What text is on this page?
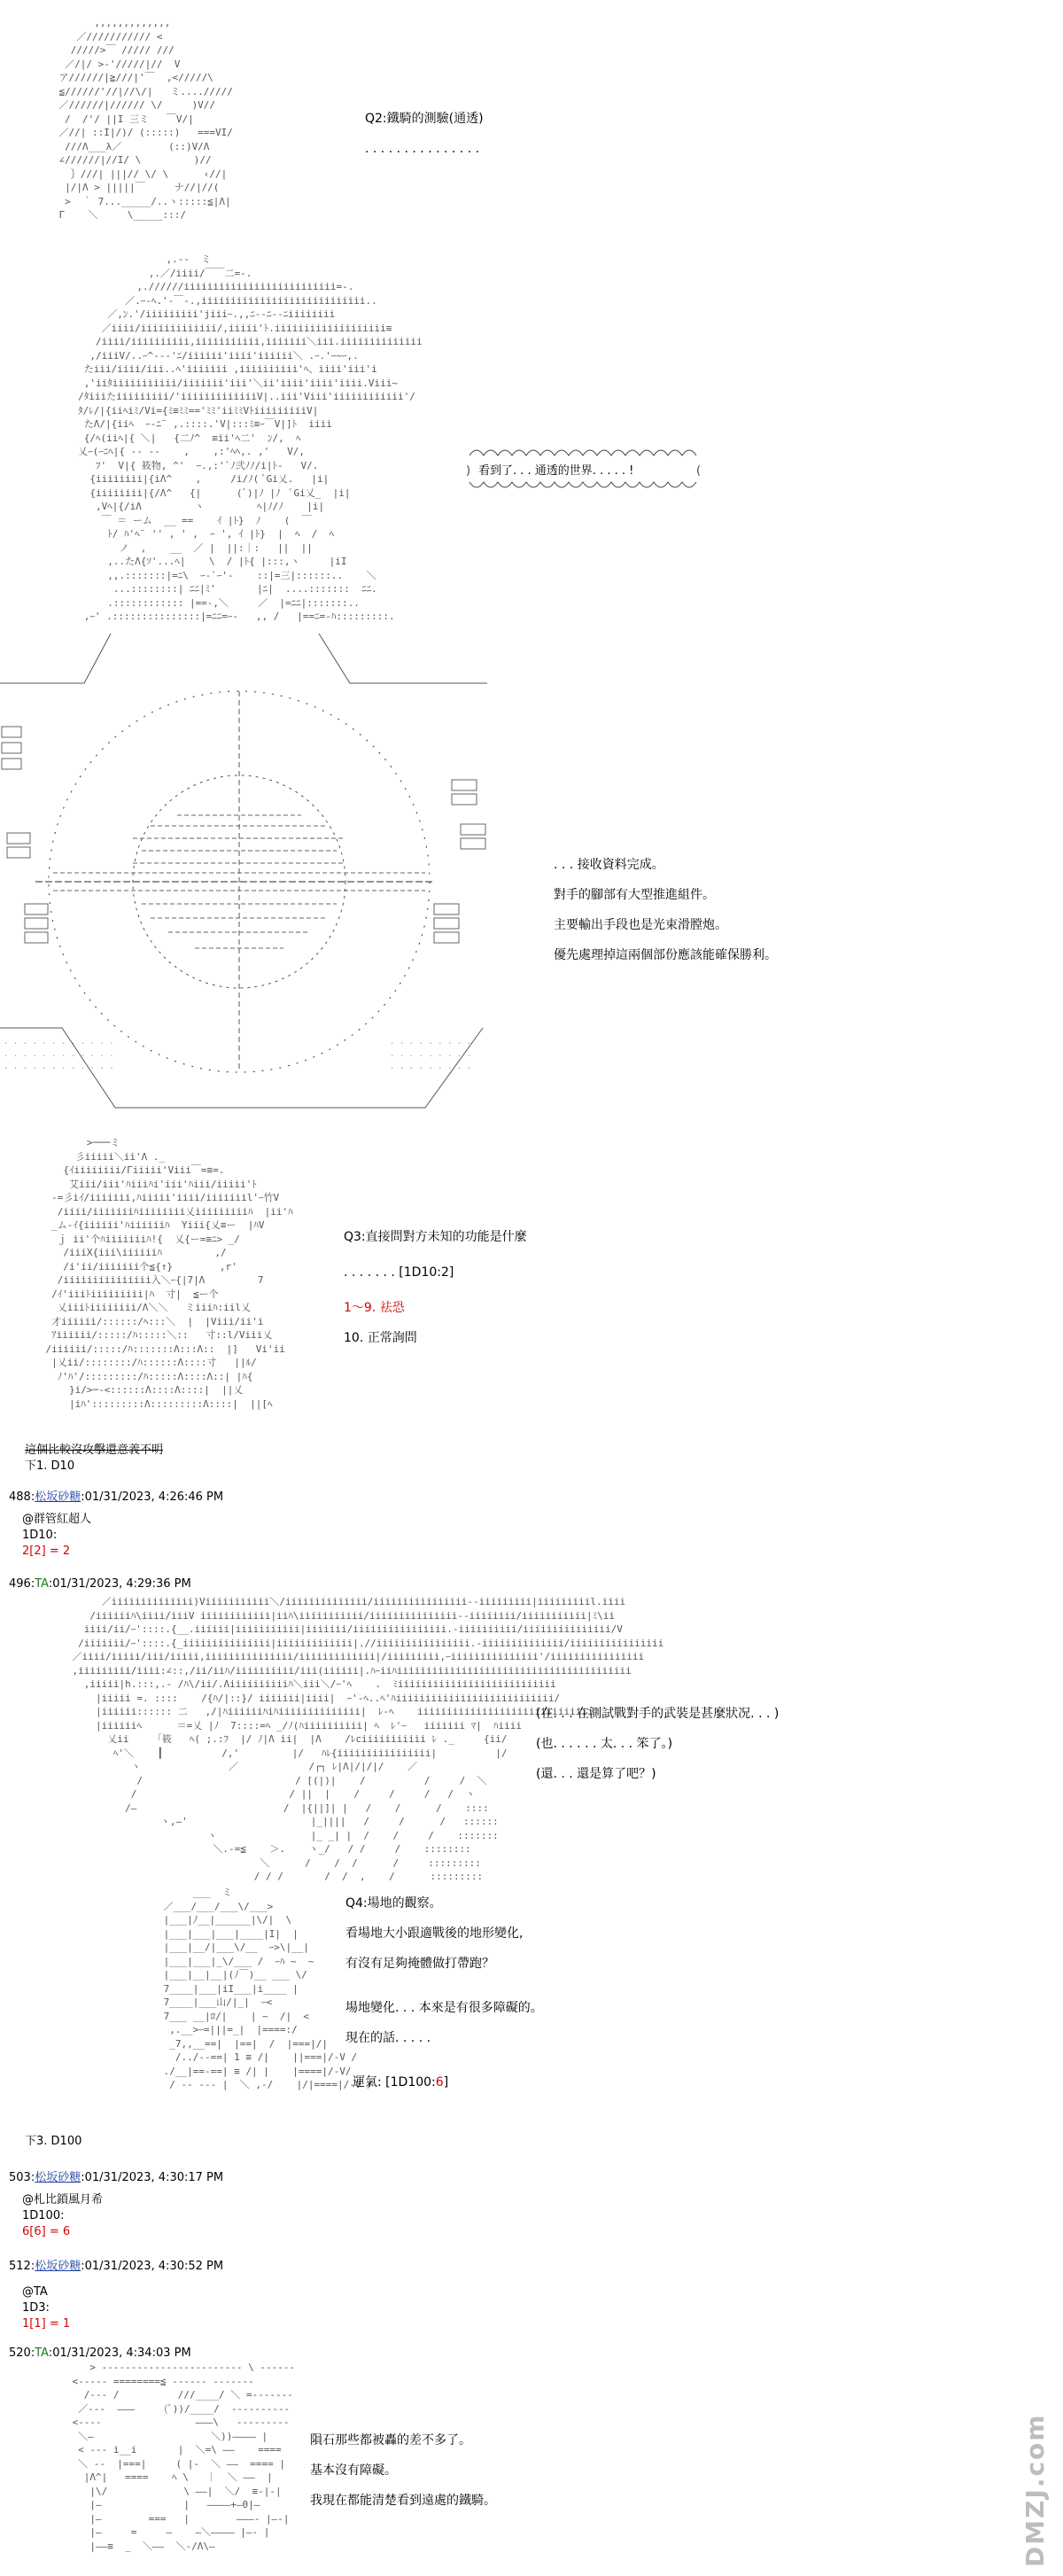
,,,,,,,,,,,,,
／/////////// <
/////>￣ ///// ///
／/|/ >-'/////|//  V
ア//////|≧///|'￣  ,</////\
≦//////'//|//\/|   ミ..../////
／//////|////// \/     )V//
/  /'/ ||I 三ミ   ￣V/|
／//| ::I|/)/ (:::::)   ===VI/
///Λ___λ／        (::)V/Λ
∠//////|//I/ \         )//
｝///| |||// \/ \      ‹//|
|/|Λ > |||||￣     ナ//|//(
>  ｀ 7..._____/..ヽ:::::≦|Λ|
Γ    ＼     \_____:::/
Q2:鐵騎的測驗(通透)
. . . . . . . . . . . . . . .
,.--  ミ
,.／/iiii/￣￣二=-.
,.//////iiiiiiiiiiiiiiiiiiiiiiiiii=-.
／.ｰ-ﾍ.'-￣‐.,iiiiiiiiiiiiiiiiiiiiiiiiiiii..
／,ﾝ.'/iiiiiiiii'jiiiｰ.,,ﾆ--ﾆ--ﾆiiiiiiii
／iiii/iiiiiiiiiiiii/,iiiii'ﾄ.iiiiiiiiiiiiiiiiiii≡
/iiii/iiiiiiiiii,iiiiiiiiiii,iiiiiii＼iii.iiiiiiiiiiiiii
,/iiiV/..ｰ^‐‐-'ﾆ/iiiiii'iiii'iiiiii＼ .ｰ.'ｰ~ｰ,.
たiii/iiii/iii..ﾍ'iiiiiii ,iiiiiiiiii'ﾍ、iiii'iii'i
,'iiﾀiiiiiiiiiii/iiiiiii'iii'＼ii'iiii'iiii'iiii.Viii~
/ﾀiiiたiiiiiiiii/'iiiiiiiiiiiiiV|..iii'Viii'iiiiiiiiiiii'/
ﾀ/ﾚ/|{iiﾍiﾐ/Vi={ﾐ≡ﾐﾐ=='ﾐﾐ'iiﾐﾐVﾄiiiiiiiiiV|
たΛ/|{iiﾍ  ｰ‐ﾆ¨ ,.::::.'V|:::ﾐ≡ｰ￣V|]ﾄ  iiii
{/ﾍ(iiﾍ|{ ＼|   {二ﾉ^  ≡ii'ﾍ二'  ﾝ/,  ﾍ
乂ｰ(ｰﾆﾍ|{ -- --    ,    ,:'ﾍﾍ,. ,'   V/,
ﾌ'  V|{ 筱物, ^'  ｰ.,:'`ﾉ弐ﾉﾉ/i|ﾄ‐   V/.
{iiiiiiii|{iΛ^    ,     /i/ﾉ( ﾞGi乂.   |i|
{iiiiiiii|{/Λ^   {|      (ﾞ)|ﾉ |ﾉ  ﾟGi乂_  |i|
,Vﾍ|{/iΛ         ヽ         ﾍ|ﾉ/ﾉ    |i|
￣ ＝ ーム  __ ==    ｲ |ﾄ}  ﾉ    (  ￣
ﾄ/ ﾊ'ﾍ¨ '' , ' ,  ｰ ', ｲ |ﾄ}  |  ﾍ  /  ﾍ
ノ  ,    __  ／ |  ||:｜:   ||  ||
,..たΛ{ｿ'...ﾍ|    \  / |ﾄ{ |:::,ヽ     |iI
,,.:::::::|=ﾆ\  ｰ‐`ｰ'‐    ::|=三|::::::..    ＼
...::::::::| ﾆﾆ|ﾐ'       |ﾆ|  ....:::::::  ﾆﾆ.
.:::::::::::: |==-,＼     ／  |=ﾆﾆ|:::::::..
,ｰ' .:::::::::::::::|=ﾆﾆ=ｰ‐   ,, /   |==ﾆ=-ﾊ:::::::::.
)	(
看到了. . . 通透的世界. . . . . !
. . . . . . . . . . . .
. . . . . . . . . . . .
. . . . . . . . . . . .
. . . . . . . . .
. . . . . . . . .
. . . . . . . . .
. . . 接收資料完成。
對手的腳部有大型推進組件。
主要輸出手段也是光束滑膛炮。
優先處理掉這兩個部份應該能確保勝利。
>───ミ
彡iiiii＼ii'Λ ._
{ｲiiiiiiii/Γiiiii'Viii￣=≡=.
艾iii/iii'ﾊiiiﾊi'iii'ﾊiii/iiiii'ﾄ
-=彡iｲ/iiiiiii,ﾊiiiii'iiii/iiiiiiil'ｰ竹V
/iiii/iiiiiiiﾊiiiiiiii乂iiiiiiiiiﾊ  |ii'ﾊ
_ム-ｲ{iiiiii'ﾊiiiiiiﾊ  Yiii{乂≡ー  |ﾊV
ｊ ii'个ﾊiiiiiiiﾊ!{  乂{ー=≡ﾆ> _/
/iiiX{iii\iiiiiiﾊ         ,/
/i'ii/iiiiiii个≦{↑}        ,r'
/iiiiiiiiiiiiiii入＼ｰ{|7|Λ         7
/ｲ'iiiﾄiiiiiiiii|ﾊ  寸|  ≦ー个
乂iiiﾄiiiiiiii/Λ＼＼   ミiiiﾊ:iil乂
才iiiiii/::::::/ﾍ:::＼  |  |Viii/ii'i
ｱiiiiii/:::::/ﾊ:::::＼::   寸::l/Viii乂
/iiiiii/:::::/ﾊ:::::::Λ:::Λ::  |]   Vi'ii
|乂ii/::::::::/ﾊ::::::Λ::::寸   ||ﾙ/
ﾉ'ﾊ'/:::::::::/ﾊ:::::Λ::::Λ::| |ﾊ{
}i/>─‐<::::::Λ::::Λ::::|  ||乂
|iﾊ':::::::::Λ:::::::::Λ::::|  ||[ﾍ
Q3:直接問對方未知的功能是什麼
. . . . . . . [1D10:2]
1～9. 祛恐
10. 正常詢問
這個比較沒攻擊還意義不明
下1. D10
488:松坂砂糖:01/31/2023, 4:26:46 PM
@群管紅超人
1D10:
2[2] = 2
496:TA:01/31/2023, 4:29:36 PM
／iiiiiiiiiiiiii)Viiiiiiiiiii＼/iiiiiiiiiiiiii/iiiiiiiiiiiiiiii--iiiiiiiii|iiiiiiiiil.iiii
/iiiiiiﾊ\iiii/iiiV iiiiiiiiiiii|iiﾊ\iiiiiiiiiii/iiiiiiiiiiiiiii--iiiiiiii/iiiiiiiiiii|ﾐ\ii
iiii/ii/ｰ'::::.{__.iiiiii|iiiiiiiiiii|iiiiiii/iiiiiiiiiiiiiiii.-iiiiiiiiii/iiiiiiiiiiiiiii/V
/iiiiiii/ｰ'::::.{_iiiiiiiiiiiiiii|iiiiiiiiiiiii|.//iiiiiiiiiiiiiiii.-iiiiiiiiiiiiii/iiiiiiiiiiiiiiii
／iiii/iiiii/iii/iiiii,iiiiiiiiiiiiiii/iiiiiiiiiiiii|/iiiiiiiii,ｰiiiiiiiiiiiiiii'/iiiiiiiiiiiiiiii
,iiiiiiiii/iiii:∠::,/ii/iiﾊ/iiiiiiiiii/iii(iiiiii|.ﾊｰiiﾊiiiiiiiiiiiiiiiiiiiiiiiiiiiiiiiiiiiiiiii
,iiiii|h.:::,.- /ﾊ\/ii/.Λiiiiiiiiiiﾊ＼iii＼/ｰ'ﾍ    .  ﾐiiiiiiiiiiiiiiiiiiiiiiiiiii
|iiiii =. ::::    /{ﾊ/|::}/ iiiiiii|iiii|  ｰ'-ﾍ..ﾍ'ﾊiiiiiiiiiiiiiiiiiiiiiiiiiii/
|iiiiii:::::: 二   ,/|ﾊiiiiiiﾊiﾊiiiiiiiiiiiiii|  ﾚ-ﾍ    iiiiiiiiiiiiiiiiiiiiiiiiiiiiii
|iiiiiiﾍ      ＝=乂 |ﾉ  7::::=ﾍ _/ﾉ(ﾊiiiiiiiiii| ﾍ  ﾚ'ｰ   iiiiiii ﾏ|  ﾊiiii
乂ii    「筱   ﾍ( ;.:ﾌ  |/ ﾉ|Λ ii|  |Λ    /ﾚciiiiiiiiiii ﾚ ._     {ii/
ﾍ'＼    ┃          /,'         |/   ﾊﾚ{iiiiiiiiiiiiiiii|          |/
ヽ               ／            /┌┐ ﾚ|Λ|/|/|/    ／
/                          / [(|)|    /          /     /  ＼
/                          / ||  |    /     /     /   /  ヽ
/—                         /  |{||]| |   /    /      /    ::::
ヽ,—'                     |_||||   /     /      /   ::::::
ヽ                |_ _| |  /    /     /    :::::::
＼.-=≦    ＞.    ヽ_/   / /     /    ::::::::
＼      /    /  /      /     :::::::::
/ / /       /  /  ,    /      :::::::::
(在. . . 在測試戰對手的武裝是甚麼狀况. . . )
(也. . . . . . 太. . . 笨了。)
(還. . . 還是算了吧？)
___  ミ
／___/___/___\/___>
|___|ﾉ__|______|\/|  \
|___|___|___|____|I|  |
|___|__/|___\/__  ｰ>\|__|
|___|___|_\/___ /  ｰﾊ ~  ~
|___|__|__|(ﾉ￣)__ ___ \/
7____|___|iI___|i____ |
7____|___山/|_|  ｰ<
7___ __|ﾛ/|    | ~  /|  <
,.__>ｰ=|||=_|  |====:/
_7,,__==|  |==|  /  |===|/|
/../--==| 1 ≡ /|    ||===|/-V /
./__|==-==| ≡ /| |    |====|/-V/
/ -- --- |  ＼ ,-/    |/|====|/-V /
Q4:場地的觀察。
看場地大小跟適戰後的地形變化,
有沒有足夠掩體做打帶跑？
場地變化. . . 本來是有很多障礙的。
現在的話. . . . .
運氣: [1D100:6]
下3. D100
503:松坂砂糖:01/31/2023, 4:30:17 PM
@札比鎖風月希
1D100:
6[6] = 6
512:松坂砂糖:01/31/2023, 4:30:52 PM
@TA
1D3:
1[1] = 1
520:TA:01/31/2023, 4:34:03 PM
> ------------------------ \ ------
<----- ========≦ ------ -------
/--- /          ///____/ ＼ =-------
／---  ———     (ﾞ))/____/  ----------
<----                ———\   ---------
＼—                    ＼))———— |
< --- i__i       |  ＼=\ ——    ====
＼ --  |===|     ( |-  ＼ ——  ==== |
|Λ^|   ====    ﾍ \   ｜  ＼ ——  |
|\/             \ ——|  ＼/  ≡-|-|
|—              |   ————+—0|—
|—        ===   |        ———- |—-|
|—     =     —    —＼———— |—- |
|——≡  _  ＼——  ＼-/Λ\—
隕石那些都被轟的差不多了。
基本沒有障礙。
我現在都能清楚看到遠處的鐵騎。	DMZJ.com
